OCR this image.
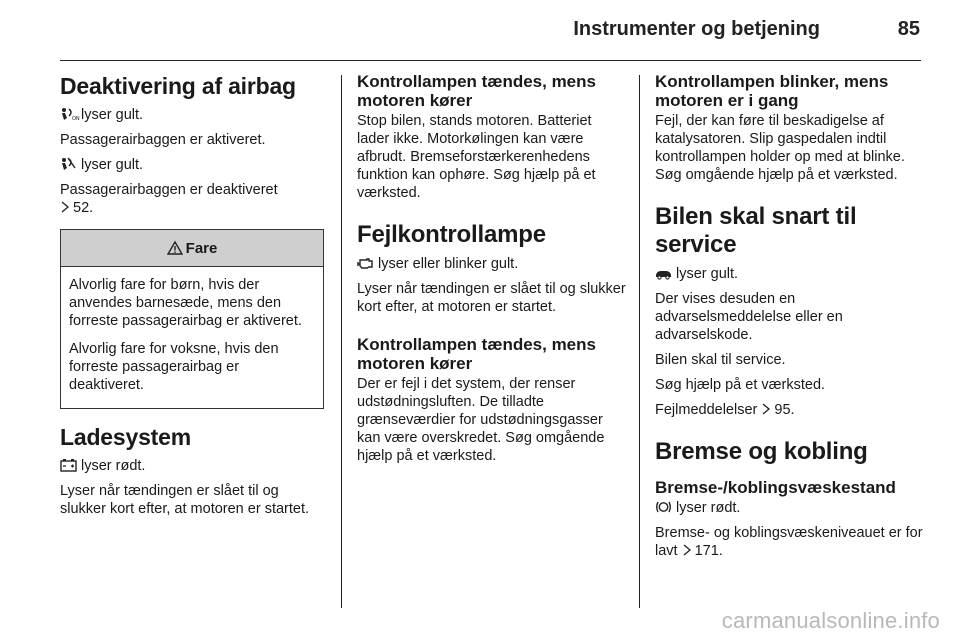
Instrumenter og betjening	85
Deaktivering af airbag

ON lyser gult.

Passagerairbaggen er aktiveret.

lyser gult.

Passagerairbaggen er deaktiveret

52.

Fare

Alvorlig fare for børn, hvis der anvendes barnesæde, mens den forreste passagerairbag er aktiveret.

Alvorlig fare for voksne, hvis den forreste passagerairbag er deaktiveret.

Ladesystem

lyser rødt.

Lyser når tændingen er slået til og slukker kort efter, at motoren er startet.

Kontrollampen tændes, mens motoren kører

Stop bilen, stands motoren. Batteriet lader ikke. Motorkølingen kan være afbrudt. Bremseforstærkerenhedens funktion kan ophøre. Søg hjælp på et værksted.

Fejlkontrollampe

lyser eller blinker gult.

Lyser når tændingen er slået til og slukker kort efter, at motoren er startet.

Kontrollampen tændes, mens motoren kører

Der er fejl i det system, der renser udstødningsluften. De tilladte grænseværdier for udstødningsgasser kan være overskredet. Søg omgående hjælp på et værksted.

Kontrollampen blinker, mens motoren er i gang

Fejl, der kan føre til beskadigelse af katalysatoren. Slip gaspedalen indtil kontrollampen holder op med at blinke. Søg omgående hjælp på et værksted.

Bilen skal snart til service

lyser gult.

Der vises desuden en advarselsmeddelelse eller en advarselskode.

Bilen skal til service.

Søg hjælp på et værksted.

Fejlmeddelelser 95.

Bremse og kobling
Bremse-/koblingsvæskestand

lyser rødt.

Bremse- og koblingsvæskeniveauet er for lavt 171.

carmanualsonline.info
